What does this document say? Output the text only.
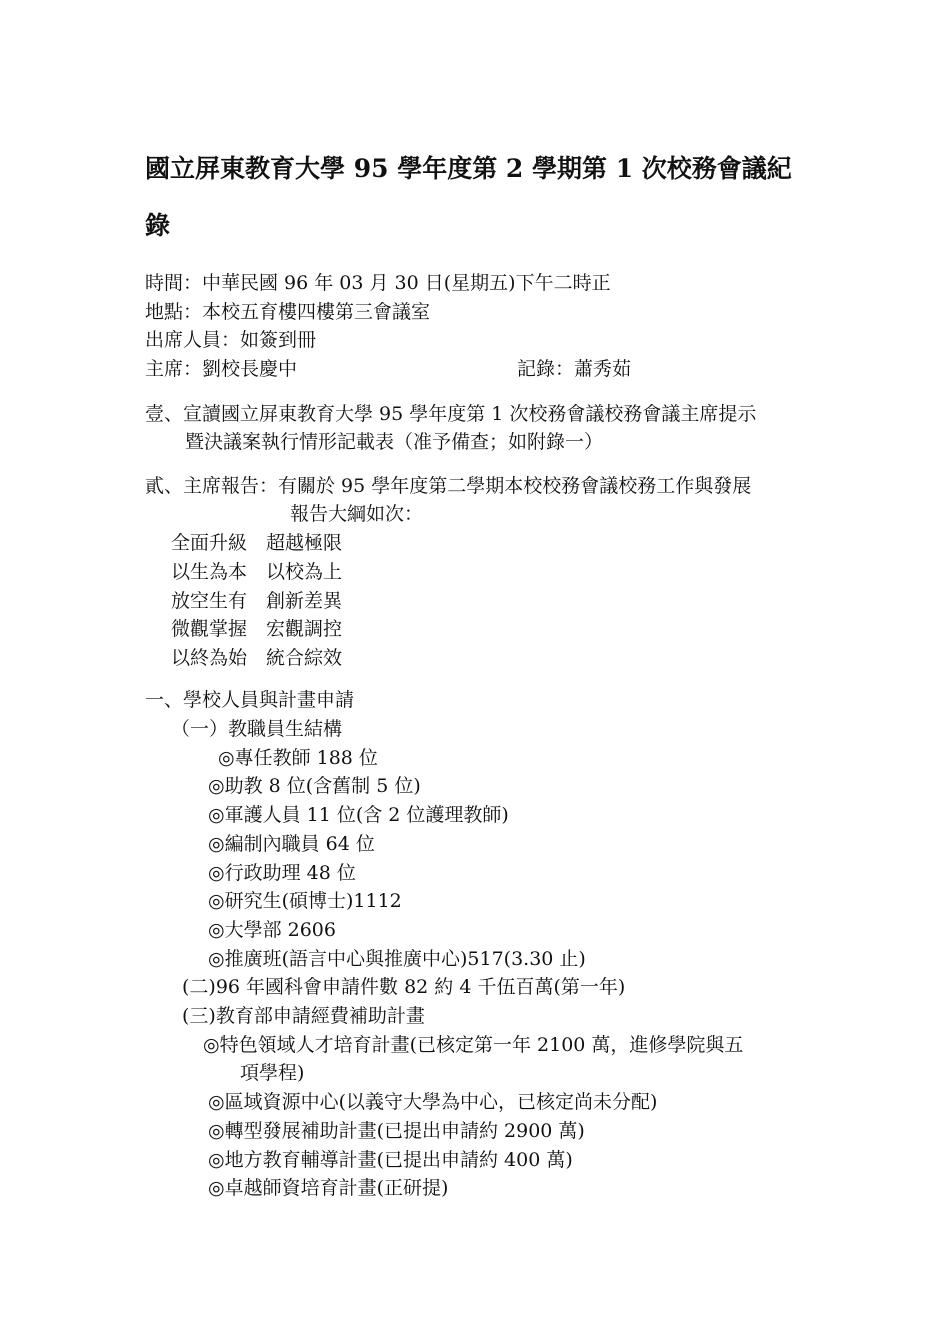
國立屏東教育大學 95 學年度第 2 學期第 1 次校務會議紀
錄
時間：中華民國 96 年 03 月 30 日(星期五)下午二時正
地點：本校五育樓四樓第三會議室
出席人員：如簽到冊
主席：劉校長慶中	記錄：蕭秀茹
壹、宣讀國立屏東教育大學 95 學年度第 1 次校務會議校務會議主席提示
暨決議案執行情形記載表（准予備查；如附錄一）
貳、主席報告：有關於 95 學年度第二學期本校校務會議校務工作與發展
報告大綱如次：
全面升級　超越極限
以生為本　以校為上
放空生有　創新差異
微觀掌握　宏觀調控
以終為始　統合綜效
一、學校人員與計畫申請
（一）教職員生結構
◎專任教師 188 位
◎助教 8 位(含舊制 5 位)
◎軍護人員 11 位(含 2 位護理教師)
◎編制內職員 64 位
◎行政助理 48 位
◎研究生(碩博士)1112
◎大學部 2606
◎推廣班(語言中心與推廣中心)517(3.30 止)
(二)96 年國科會申請件數 82 約 4 千伍百萬(第一年)
(三)教育部申請經費補助計畫
◎特色領域人才培育計畫(已核定第一年 2100 萬，進修學院與五
項學程)
◎區域資源中心(以義守大學為中心，已核定尚未分配)
◎轉型發展補助計畫(已提出申請約 2900 萬)
◎地方教育輔導計畫(已提出申請約 400 萬)
◎卓越師資培育計畫(正研提)
